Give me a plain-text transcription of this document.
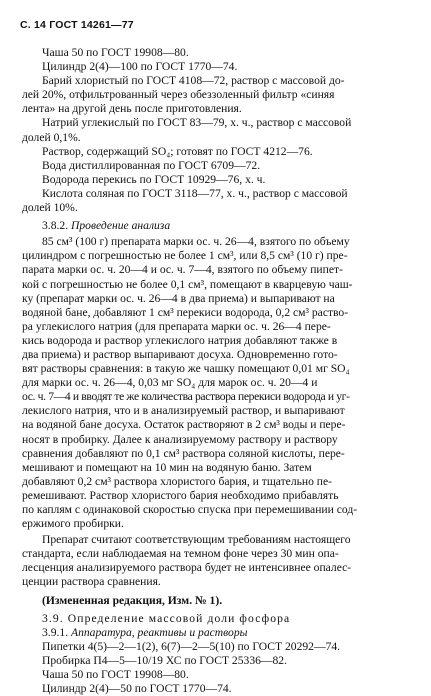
С. 14 ГОСТ 14261—77
Чаша 50 по ГОСТ 19908—80.
Цилиндр 2(4)—100 по ГОСТ 1770—74.
Барий хлористый по ГОСТ 4108—72, раствор с массовой до-
лей 20%, отфильтрованный через обеззоленный фильтр «синяя
лента» на другой день после приготовления.
Натрий углекислый по ГОСТ 83—79, х. ч., раствор с массовой
долей 0,1%.
Раствор, содержащий SO₄; готовят по ГОСТ 4212—76.
Вода дистиллированная по ГОСТ 6709—72.
Водорода перекись по ГОСТ 10929—76, х. ч.
Кислота соляная по ГОСТ 3118—77, х. ч., раствор с массовой
долей 10%.
3.8.2. Проведение анализа
85 см³ (100 г) препарата марки ос. ч. 26—4, взятого по объему
цилиндром с погрешностью не более 1 см³, или 8,5 см³ (10 г) пре-
парата марки ос. ч. 20—4 и ос. ч. 7—4, взятого по объему пипет-
кой с погрешностью не более 0,1 см³, помещают в кварцевую чаш-
ку (препарат марки ос. ч. 26—4 в два приема) и выпаривают на
водяной бане, добавляют 1 см³ перекиси водорода, 0,2 см³ раство-
ра углекислого натрия (для препарата марки ос. ч. 26—4 пере-
кись водорода и раствор углекислого натрия добавляют также в
два приема) и раствор выпаривают досуха. Одновременно гото-
вят растворы сравнения: в такую же чашку помещают 0,01 мг SO₄
для марки ос. ч. 26—4, 0,03 мг SO₄ для марок ос. ч. 20—4 и
ос. ч. 7—4 и вводят те же количества раствора перекиси водорода и уг-
лекислого натрия, что и в анализируемый раствор, и выпаривают
на водяной бане досуха. Остаток растворяют в 2 см³ воды и пере-
носят в пробирку. Далее к анализируемому раствору и раствору
сравнения добавляют по 0,1 см³ раствора соляной кислоты, пере-
мешивают и помещают на 10 мин на водяную баню. Затем
добавляют 0,2 см³ раствора хлористого бария, и тщательно пе-
ремешивают. Раствор хлористого бария необходимо прибавлять
по каплям с одинаковой скоростью спуска при перемешивании сод-
ержимого пробирки.
Препарат считают соответствующим требованиям настоящего
стандарта, если наблюдаемая на темном фоне через 30 мин опа-
лесценция анализируемого раствора будет не интенсивнее опалес-
ценции раствора сравнения.
(Измененная редакция, Изм. № 1).
3.9. Определение массовой доли фосфора
3.9.1. Аппаратура, реактивы и растворы
Пипетки 4(5)—2—1(2), 6(7)—2—5(10) по ГОСТ 20292—74.
Пробирка П4—5—10/19 ХС по ГОСТ 25336—82.
Чаша 50 по ГОСТ 19908—80.
Цилиндр 2(4)—50 по ГОСТ 1770—74.
